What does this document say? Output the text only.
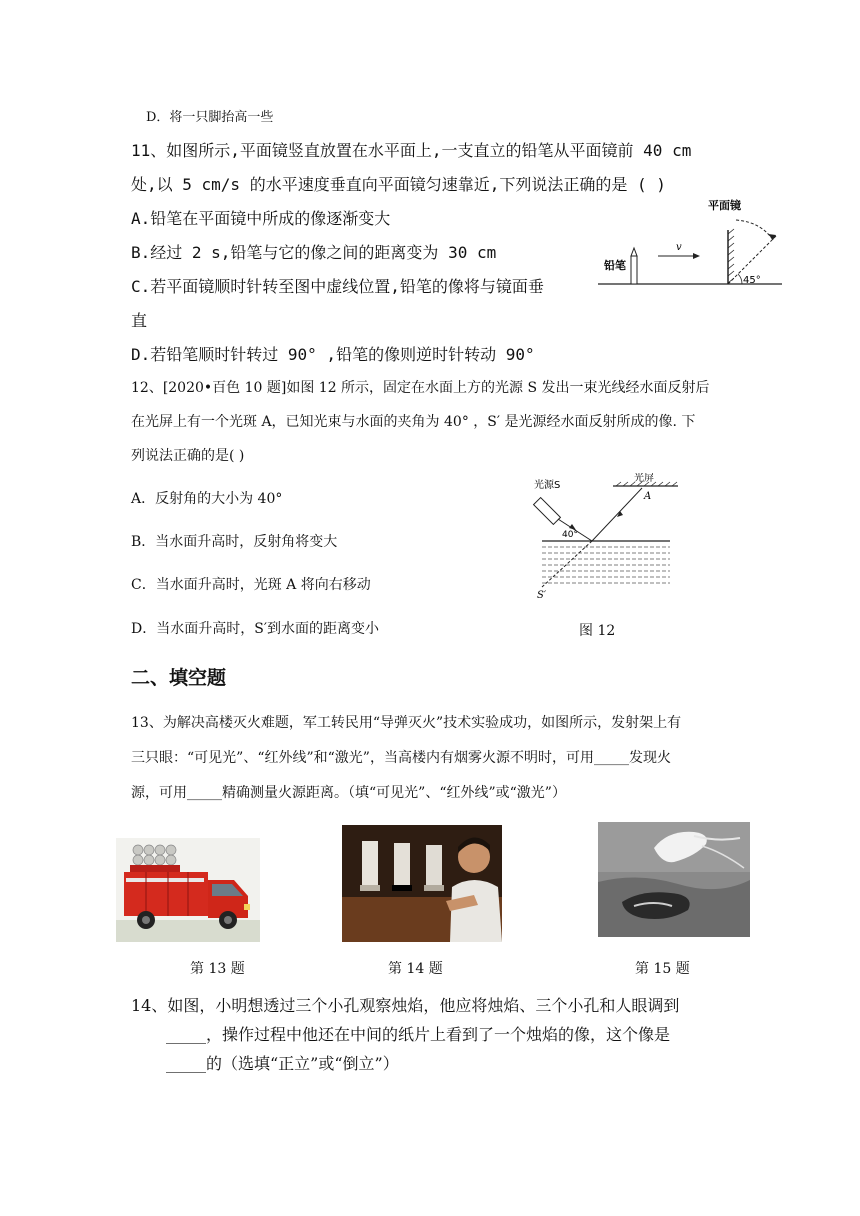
D．将一只脚抬高一些
11、如图所示,平面镜竖直放置在水平面上,一支直立的铅笔从平面镜前 40 cm
处,以 5 cm/s 的水平速度垂直向平面镜匀速靠近,下列说法正确的是 ( )
A.铅笔在平面镜中所成的像逐渐变大
B.经过 2 s,铅笔与它的像之间的距离变为 30 cm
C.若平面镜顺时针转至图中虚线位置,铅笔的像将与镜面垂
直
D.若铅笔顺时针转过 90° ,铅笔的像则逆时针转动 90°
平面镜
45°
铅笔
v
12、[2020•百色 10 题]如图 12 所示，固定在水面上方的光源 S 发出一束光线经水面反射后
在光屏上有一个光斑 A，已知光束与水面的夹角为 40° ，S′ 是光源经水面反射所成的像. 下
列说法正确的是( )
A．反射角的大小为 40°
B．当水面升高时，反射角将变大
C．当水面升高时，光斑 A 将向右移动
D．当水面升高时，S′到水面的距离变小
光源S
光屏
A
40°
S′
图 12
二、填空题
13、为解决高楼灭火难题，军工转民用“导弹灭火”技术实验成功，如图所示，发射架上有
三只眼：“可见光”、“红外线”和“激光”，当高楼内有烟雾火源不明时，可用_____发现火
源，可用_____精确测量火源距离。（填“可见光”、“红外线”或“激光”）
第 13 题	第 14 题	第 15 题
14、如图，小明想透过三个小孔观察烛焰，他应将烛焰、三个小孔和人眼调到
_____，操作过程中他还在中间的纸片上看到了一个烛焰的像，这个像是
_____的（选填“正立”或“倒立”）
